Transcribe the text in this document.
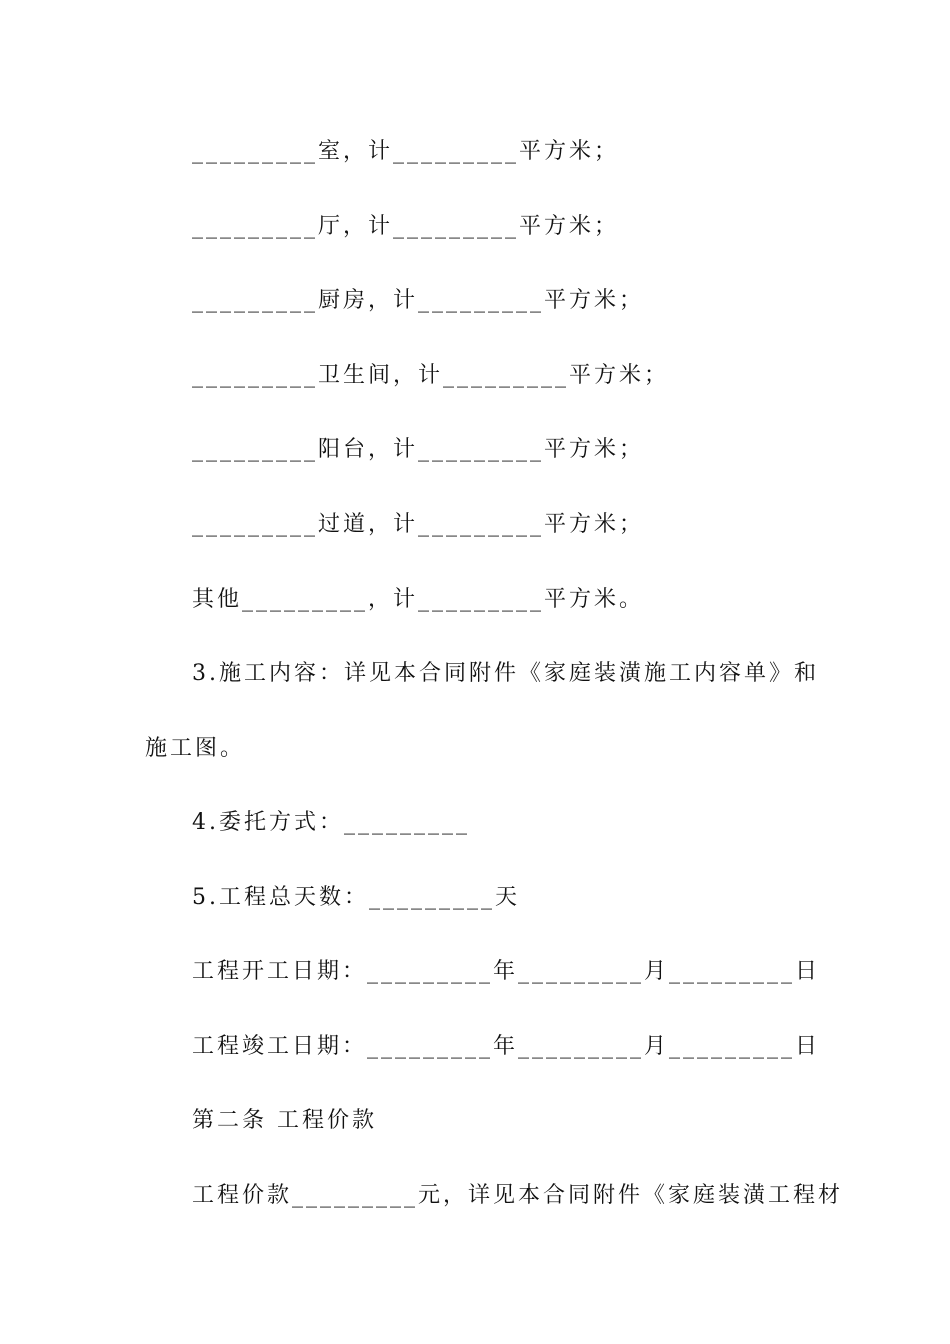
_________室，计_________平方米；
_________厅，计_________平方米；
_________厨房，计_________平方米；
_________卫生间，计_________平方米；
_________阳台，计_________平方米；
_________过道，计_________平方米；
其他_________，计_________平方米。
3.施工内容：详见本合同附件《家庭装潢施工内容单》和
施工图。
4.委托方式：_________
5.工程总天数：_________天
工程开工日期：_________年_________月_________日
工程竣工日期：_________年_________月_________日
第二条 工程价款
工程价款_________元，详见本合同附件《家庭装潢工程材
